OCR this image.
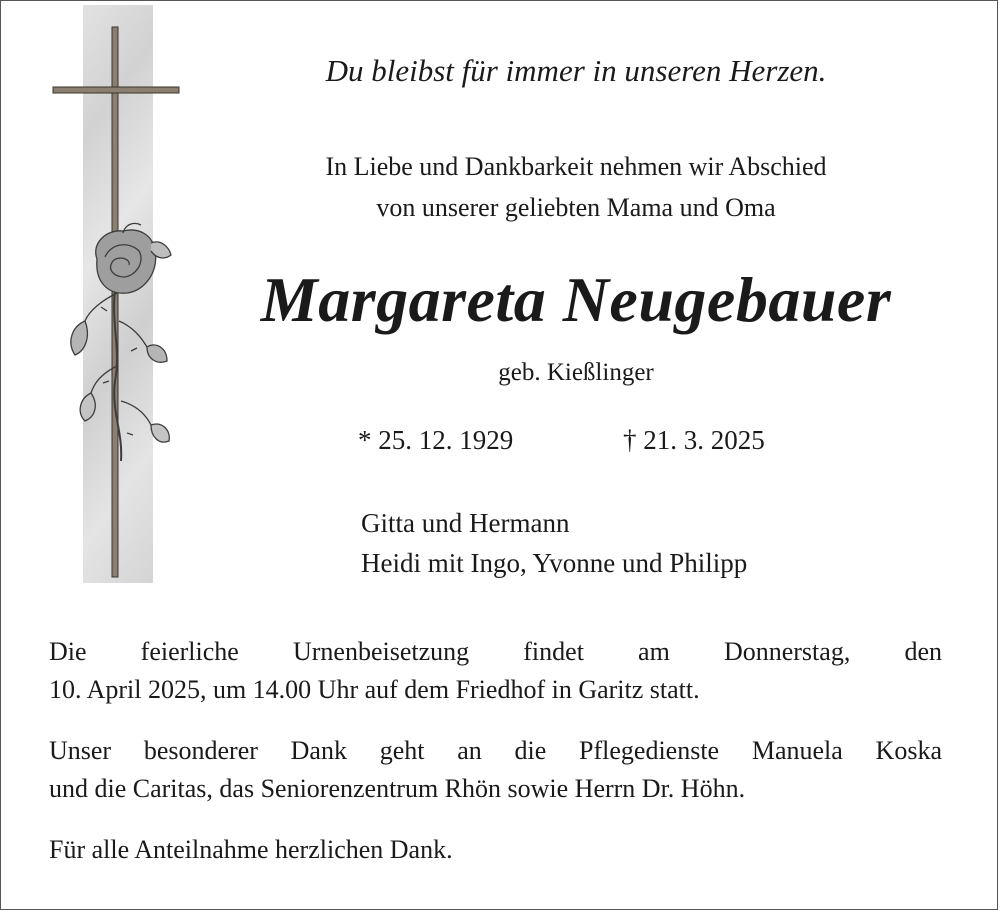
Du bleibst für immer in unseren Herzen.
In Liebe und Dankbarkeit nehmen wir Abschied
von unserer geliebten Mama und Oma
Margareta Neugebauer
geb. Kießlinger
* 25. 12. 1929	† 21. 3. 2025
Gitta und Hermann
Heidi mit Ingo, Yvonne und Philipp
Die feierliche Urnenbeisetzung findet am Donnerstag, den
10. April 2025, um 14.00 Uhr auf dem Friedhof in Garitz statt.
Unser besonderer Dank geht an die Pflegedienste Manuela Koska
und die Caritas, das Seniorenzentrum Rhön sowie Herrn Dr. Höhn.
Für alle Anteilnahme herzlichen Dank.
